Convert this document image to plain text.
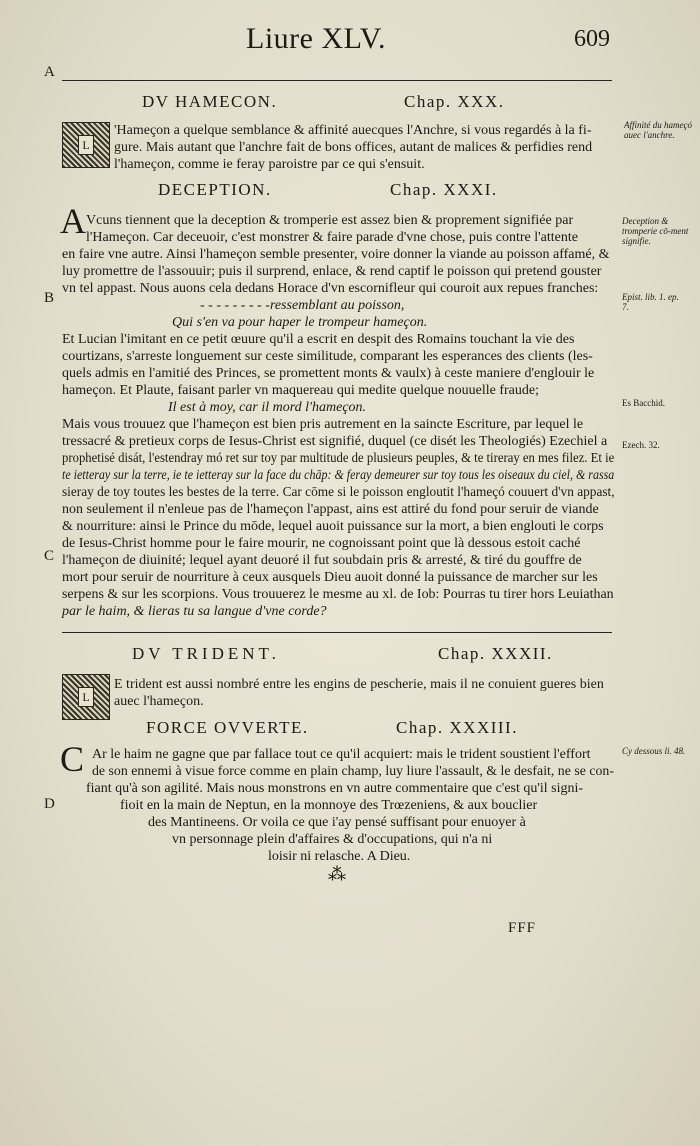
Liure XLV.	609
A
B
C
D
DV HAMECON.	Chap. XXX.
L
'Hameçon a quelque semblance & affinité auecques l'Anchre, si vous regardés à la fi-
gure. Mais autant que l'anchre fait de bons offices, autant de malices & perfidies rend
l'hameçon, comme ie feray paroistre par ce qui s'ensuit.
Affinité du hameçó auec l'anchre.
DECEPTION.	Chap. XXXI.
A Vcuns tiennent que la deception & tromperie est assez bien & proprement signifiée par
l'Hameçon. Car deceuoir, c'est monstrer & faire parade d'vne chose, puis contre l'attente
en faire vne autre. Ainsi l'hameçon semble presenter, voire donner la viande au poisson affamé, &
luy promettre de l'assouuir; puis il surprend, enlace, & rend captif le poisson qui pretend gouster
vn tel appast. Nous auons cela dedans Horace d'vn escornifleur qui couroit aux repues franches:
- - - - - - - - -ressemblant au poisson,
Qui s'en va pour haper le trompeur hameçon.
Et Lucian l'imitant en ce petit œuure qu'il a escrit en despit des Romains touchant la vie des
courtizans, s'arreste longuement sur ceste similitude, comparant les esperances des clients (les-
quels admis en l'amitié des Princes, se promettent monts & vaulx) à ceste maniere d'englouir le
hameçon. Et Plaute, faisant parler vn maquereau qui medite quelque nouuelle fraude;
Il est à moy, car il mord l'hameçon.
Mais vous trouuez que l'hameçon est bien pris autrement en la saincte Escriture, par lequel le
tressacré & pretieux corps de Iesus-Christ est signifié, duquel (ce disét les Theologiés) Ezechiel a
prophetisé disát, l'estendray mó ret sur toy par multitude de plusieurs peuples, & te tireray en mes filez. Et ie
te ietteray sur la terre, ie te ietteray sur la face du chāp: & feray demeurer sur toy tous les oiseaux du ciel, & rassa
sieray de toy toutes les bestes de la terre. Car cōme si le poisson engloutit l'hameçó couuert d'vn appast,
non seulement il n'enleue pas de l'hameçon l'appast, ains est attiré du fond pour seruir de viande
& nourriture: ainsi le Prince du mōde, lequel auoit puissance sur la mort, a bien englouti le corps
de Iesus-Christ homme pour le faire mourir, ne cognoissant point que là dessous estoit caché
l'hameçon de diuinité; lequel ayant deuoré il fut soubdain pris & arresté, & tiré du gouffre de
mort pour seruir de nourriture à ceux ausquels Dieu auoit donné la puissance de marcher sur les
serpens & sur les scorpions. Vous trouuerez le mesme au xl. de Iob: Pourras tu tirer hors Leuiathan
par le haim, & lieras tu sa langue d'vne corde?
Deception & tromperie cō-ment signifie.
Epist. lib. 1. ep. 7.
Es Bacchid.
Ezech. 32.
DV TRIDENT.	Chap. XXXII.
L
E trident est aussi nombré entre les engins de pescherie, mais il ne conuient gueres bien
auec l'hameçon.
FORCE OVVERTE.	Chap. XXXIII.
C Ar le haim ne gagne que par fallace tout ce qu'il acquiert: mais le trident soustient l'effort
de son ennemi à visue force comme en plain champ, luy liure l'assault, & le desfait, ne se con-
fiant qu'à son agilité. Mais nous monstrons en vn autre commentaire que c'est qu'il signi-
fioit en la main de Neptun, en la monnoye des Trœzeniens, & aux bouclier
des Mantineens. Or voila ce que i'ay pensé suffisant pour enuoyer à
vn personnage plein d'affaires & d'occupations, qui n'a ni
loisir ni relasche. A Dieu.
Cy dessous li. 48.
⁂
FFF
